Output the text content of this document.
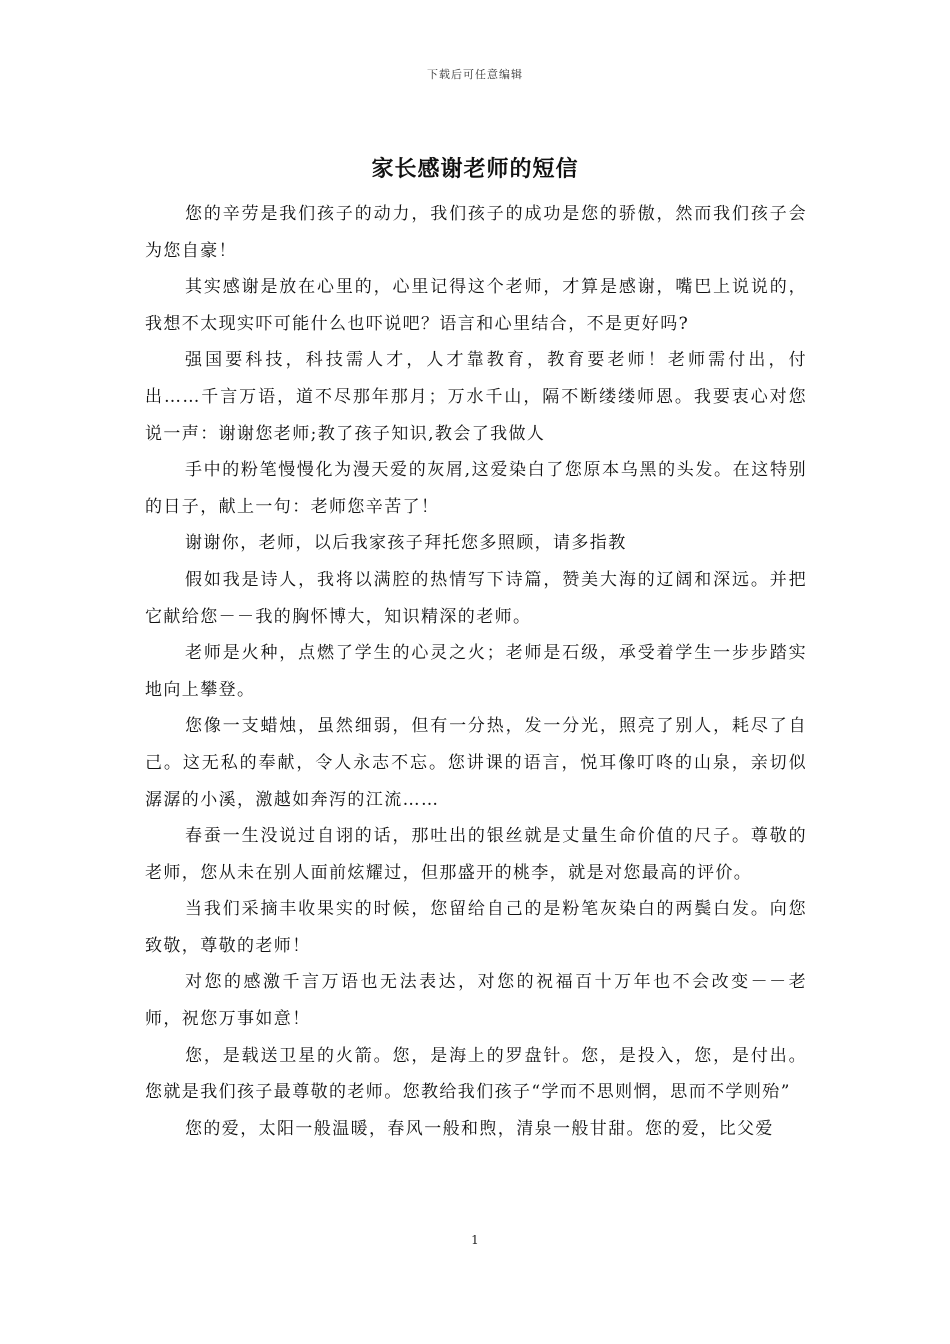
下载后可任意编辑
家长感谢老师的短信

您的辛劳是我们孩子的动力，我们孩子的成功是您的骄傲，然而我们孩子会为您自豪！

其实感谢是放在心里的，心里记得这个老师，才算是感谢，嘴巴上说说的，我想不太现实吓可能什么也吓说吧？语言和心里结合，不是更好吗?

强国要科技，科技需人才，人才靠教育，教育要老师！老师需付出，付出……千言万语，道不尽那年那月；万水千山，隔不断缕缕师恩。我要衷心对您说一声：谢谢您老师;教了孩子知识,教会了我做人

手中的粉笔慢慢化为漫天爱的灰屑,这爱染白了您原本乌黑的头发。在这特别的日子，献上一句：老师您辛苦了！

谢谢你，老师，以后我家孩子拜托您多照顾，请多指教

假如我是诗人，我将以满腔的热情写下诗篇，赞美大海的辽阔和深远。并把它献给您－－我的胸怀博大，知识精深的老师。

老师是火种，点燃了学生的心灵之火；老师是石级，承受着学生一步步踏实地向上攀登。

您像一支蜡烛，虽然细弱，但有一分热，发一分光，照亮了别人，耗尽了自己。这无私的奉献，令人永志不忘。您讲课的语言，悦耳像叮咚的山泉，亲切似潺潺的小溪，激越如奔泻的江流……

春蚕一生没说过自诩的话，那吐出的银丝就是丈量生命价值的尺子。尊敬的老师，您从未在别人面前炫耀过，但那盛开的桃李，就是对您最高的评价。

当我们采摘丰收果实的时候，您留给自己的是粉笔灰染白的两鬓白发。向您致敬，尊敬的老师！

对您的感激千言万语也无法表达，对您的祝福百十万年也不会改变－－老师，祝您万事如意！

您，是载送卫星的火箭。您，是海上的罗盘针。您，是投入，您，是付出。您就是我们孩子最尊敬的老师。您教给我们孩子“学而不思则惘，思而不学则殆”

您的爱，太阳一般温暖，春风一般和煦，清泉一般甘甜。您的爱，比父爱

1
